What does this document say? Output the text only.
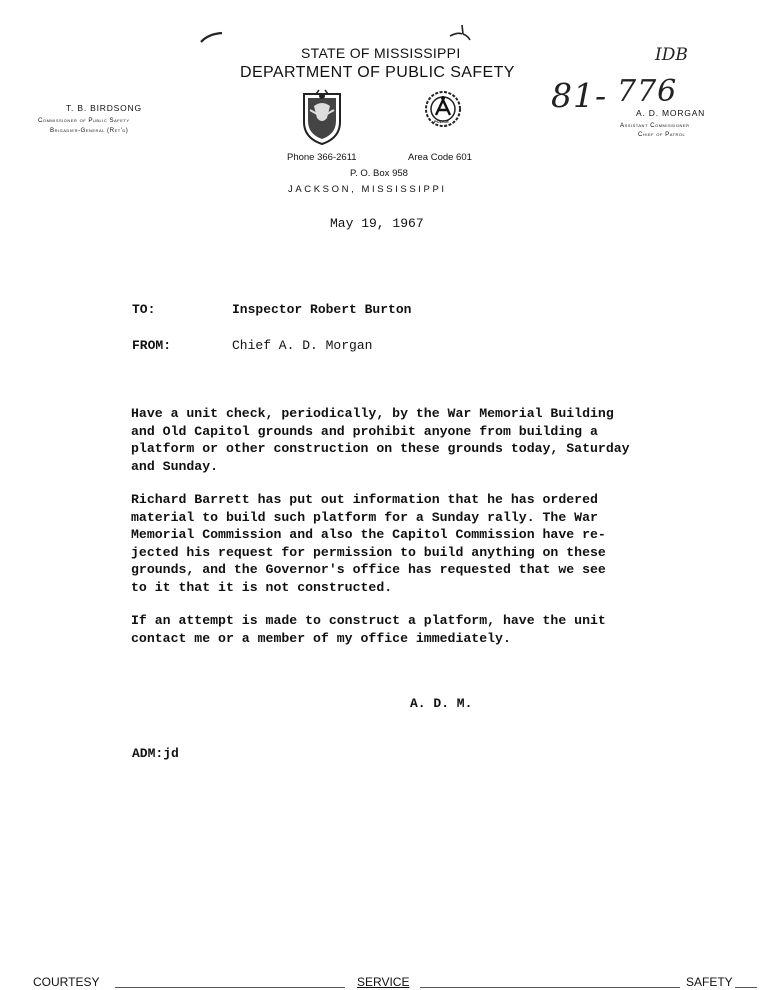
STATE OF MISSISSIPPI
DEPARTMENT OF PUBLIC SAFETY
T. B. BIRDSONG
Commissioner of Public Safety
Brigadier-General (Ret'd)
A. D. MORGAN
Assistant Commissioner
Chief of Patrol
POLICE
Phone 366-2611	Area Code 601
P. O. Box 958
JACKSON, MISSISSIPPI
IDB
81- 776
May 19, 1967
TO:	Inspector Robert Burton
FROM:	Chief A. D. Morgan
Have a unit check, periodically, by the War Memorial Building
and Old Capitol grounds and prohibit anyone from building a
platform or other construction on these grounds today, Saturday
and Sunday.
Richard Barrett has put out information that he has ordered
material to build such platform for a Sunday rally. The War
Memorial Commission and also the Capitol Commission have re-
jected his request for permission to build anything on these
grounds, and the Governor's office has requested that we see
to it that it is not constructed.
If an attempt is made to construct a platform, have the unit
contact me or a member of my office immediately.
A. D. M.
ADM:jd
COURTESY	SERVICE	SAFETY
